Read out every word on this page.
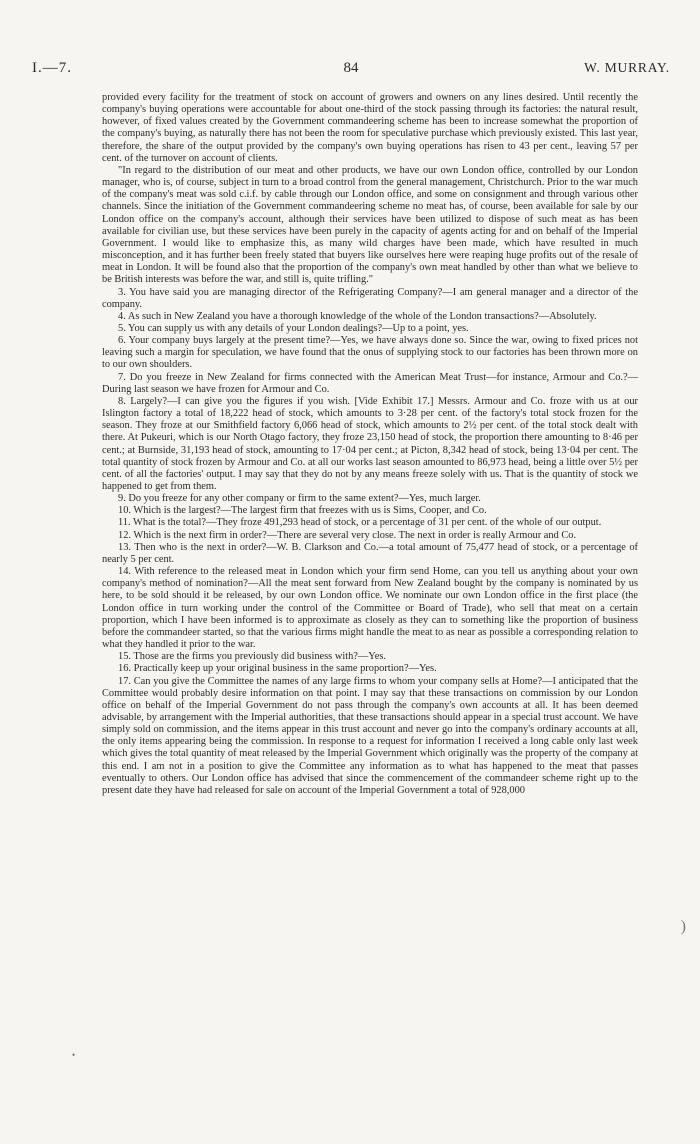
I.—7.	84	W. MURRAY.

provided every facility for the treatment of stock on account of growers and owners on any lines desired. Until recently the company's buying operations were accountable for about one-third of the stock passing through its factories: the natural result, however, of fixed values created by the Government commandeering scheme has been to increase somewhat the proportion of the company's buying, as naturally there has not been the room for speculative purchase which previously existed. This last year, therefore, the share of the output provided by the company's own buying operations has risen to 43 per cent., leaving 57 per cent. of the turnover on account of clients.

"In regard to the distribution of our meat and other products, we have our own London office, controlled by our London manager, who is, of course, subject in turn to a broad control from the general management, Christchurch. Prior to the war much of the company's meat was sold c.i.f. by cable through our London office, and some on consignment and through various other channels. Since the initiation of the Government commandeering scheme no meat has, of course, been available for sale by our London office on the company's account, although their services have been utilized to dispose of such meat as has been available for civilian use, but these services have been purely in the capacity of agents acting for and on behalf of the Imperial Government. I would like to emphasize this, as many wild charges have been made, which have resulted in much misconception, and it has further been freely stated that buyers like ourselves here were reaping huge profits out of the resale of meat in London. It will be found also that the proportion of the company's own meat handled by other than what we believe to be British interests was before the war, and still is, quite trifling."

3. You have said you are managing director of the Refrigerating Company?—I am general manager and a director of the company.

4. As such in New Zealand you have a thorough knowledge of the whole of the London transactions?—Absolutely.

5. You can supply us with any details of your London dealings?—Up to a point, yes.

6. Your company buys largely at the present time?—Yes, we have always done so. Since the war, owing to fixed prices not leaving such a margin for speculation, we have found that the onus of supplying stock to our factories has been thrown more on to our own shoulders.

7. Do you freeze in New Zealand for firms connected with the American Meat Trust—for instance, Armour and Co.?—During last season we have frozen for Armour and Co.

8. Largely?—I can give you the figures if you wish. [Vide Exhibit 17.] Messrs. Armour and Co. froze with us at our Islington factory a total of 18,222 head of stock, which amounts to 3·28 per cent. of the factory's total stock frozen for the season. They froze at our Smithfield factory 6,066 head of stock, which amounts to 2½ per cent. of the total stock dealt with there. At Pukeuri, which is our North Otago factory, they froze 23,150 head of stock, the proportion there amounting to 8·46 per cent.; at Burnside, 31,193 head of stock, amounting to 17·04 per cent.; at Picton, 8,342 head of stock, being 13·04 per cent. The total quantity of stock frozen by Armour and Co. at all our works last season amounted to 86,973 head, being a little over 5½ per cent. of all the factories' output. I may say that they do not by any means freeze solely with us. That is the quantity of stock we happened to get from them.

9. Do you freeze for any other company or firm to the same extent?—Yes, much larger.

10. Which is the largest?—The largest firm that freezes with us is Sims, Cooper, and Co.

11. What is the total?—They froze 491,293 head of stock, or a percentage of 31 per cent. of the whole of our output.

12. Which is the next firm in order?—There are several very close. The next in order is really Armour and Co.

13. Then who is the next in order?—W. B. Clarkson and Co.—a total amount of 75,477 head of stock, or a percentage of nearly 5 per cent.

14. With reference to the released meat in London which your firm send Home, can you tell us anything about your own company's method of nomination?—All the meat sent forward from New Zealand bought by the company is nominated by us here, to be sold should it be released, by our own London office. We nominate our own London office in the first place (the London office in turn working under the control of the Committee or Board of Trade), who sell that meat on a certain proportion, which I have been informed is to approximate as closely as they can to something like the proportion of business before the commandeer started, so that the various firms might handle the meat to as near as possible a corresponding relation to what they handled it prior to the war.

15. Those are the firms you previously did business with?—Yes.

16. Practically keep up your original business in the same proportion?—Yes.

17. Can you give the Committee the names of any large firms to whom your company sells at Home?—I anticipated that the Committee would probably desire information on that point. I may say that these transactions on commission by our London office on behalf of the Imperial Government do not pass through the company's own accounts at all. It has been deemed advisable, by arrangement with the Imperial authorities, that these transactions should appear in a special trust account. We have simply sold on commission, and the items appear in this trust account and never go into the company's ordinary accounts at all, the only items appearing being the commission. In response to a request for information I received a long cable only last week which gives the total quantity of meat released by the Imperial Government which originally was the property of the company at this end. I am not in a position to give the Committee any information as to what has happened to the meat that passes eventually to others. Our London office has advised that since the commencement of the commandeer scheme right up to the present date they have had released for sale on account of the Imperial Government a total of 928,000

•
)
